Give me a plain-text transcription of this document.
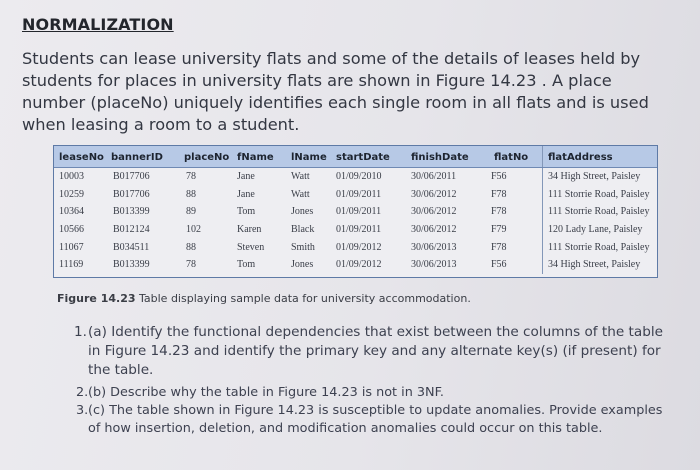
NORMALIZATION
Students can lease university flats and some of the details of leases held by students for places in university flats are shown in Figure 14.23 . A place number (placeNo) uniquely identifies each single room in all flats and is used when leasing a room to a student.
leaseNo	bannerID	placeNo	fName	lName	startDate	finishDate	flatNo	flatAddress
10003	B017706	78	Jane	Watt	01/09/2010	30/06/2011	F56	34 High Street, Paisley
10259	B017706	88	Jane	Watt	01/09/2011	30/06/2012	F78	111 Storrie Road, Paisley
10364	B013399	89	Tom	Jones	01/09/2011	30/06/2012	F78	111 Storrie Road, Paisley
10566	B012124	102	Karen	Black	01/09/2011	30/06/2012	F79	120 Lady Lane, Paisley
11067	B034511	88	Steven	Smith	01/09/2012	30/06/2013	F78	111 Storrie Road, Paisley
11169	B013399	78	Tom	Jones	01/09/2012	30/06/2013	F56	34 High Street, Paisley
Figure 14.23 Table displaying sample data for university accommodation.
1. (a) Identify the functional dependencies that exist between the columns of the table in Figure 14.23 and identify the primary key and any alternate key(s) (if present) for the table.
2. (b) Describe why the table in Figure 14.23 is not in 3NF.
3. (c) The table shown in Figure 14.23 is susceptible to update anomalies. Provide examples of how insertion, deletion, and modification anomalies could occur on this table.
